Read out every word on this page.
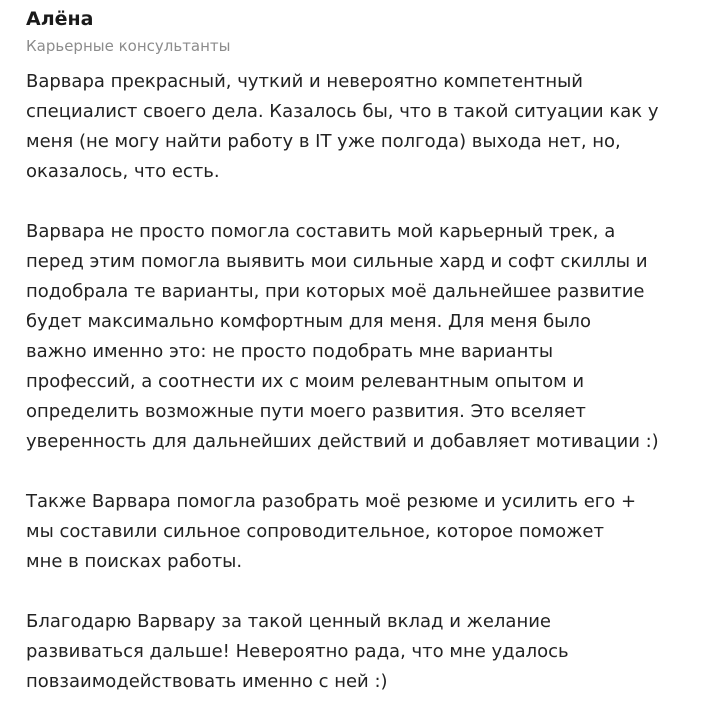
Алёна
Карьерные консультанты

Варвара прекрасный, чуткий и невероятно компетентный
специалист своего дела. Казалось бы, что в такой ситуации как у
меня (не могу найти работу в IT уже полгода) выхода нет, но,
оказалось, что есть.

Варвара не просто помогла составить мой карьерный трек, а
перед этим помогла выявить мои сильные хард и софт скиллы и
подобрала те варианты, при которых моё дальнейшее развитие
будет максимально комфортным для меня. Для меня было
важно именно это: не просто подобрать мне варианты
профессий, а соотнести их с моим релевантным опытом и
определить возможные пути моего развития. Это вселяет
уверенность для дальнейших действий и добавляет мотивации :)

Также Варвара помогла разобрать моё резюме и усилить его +
мы составили сильное сопроводительное, которое поможет
мне в поисках работы.

Благодарю Варвару за такой ценный вклад и желание
развиваться дальше! Невероятно рада, что мне удалось
повзаимодействовать именно с ней :)
